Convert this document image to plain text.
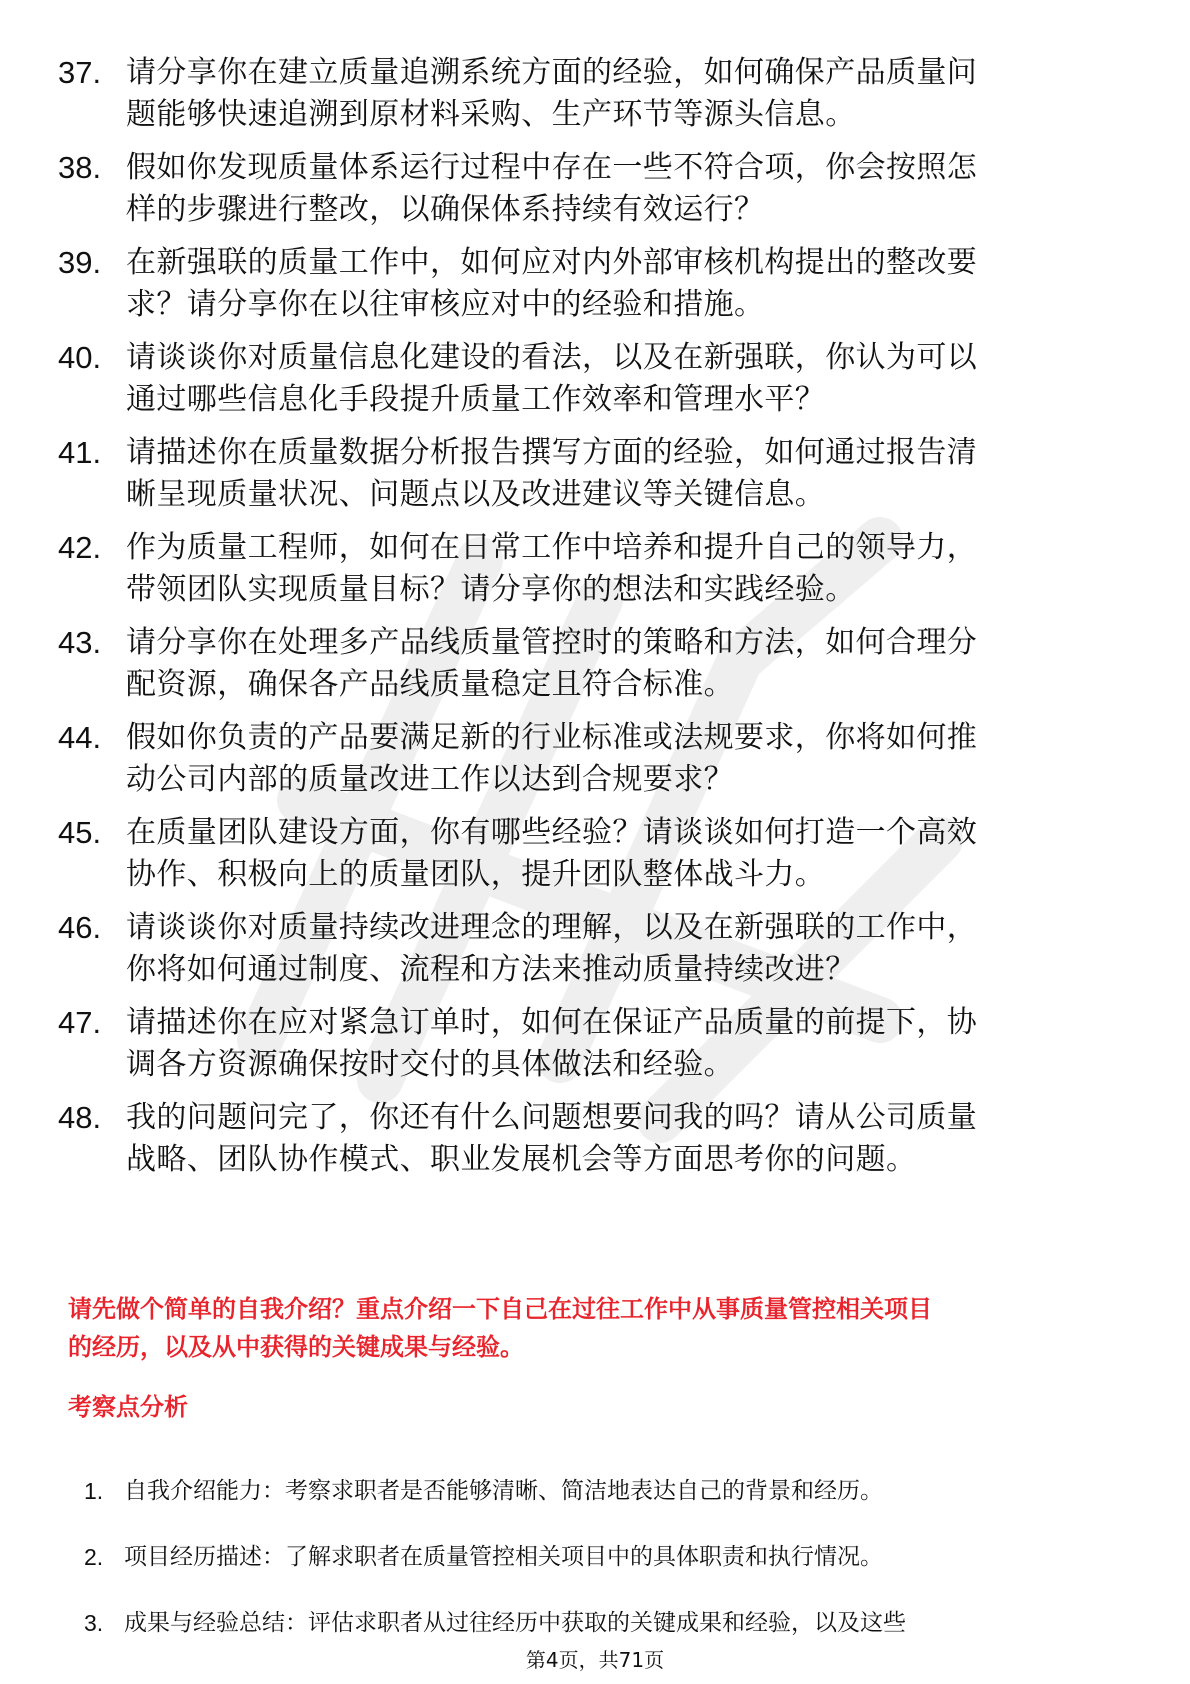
37. 请分享你在建立质量追溯系统方面的经验，如何确保产品质量问
题能够快速追溯到原材料采购、生产环节等源头信息。
38. 假如你发现质量体系运行过程中存在一些不符合项，你会按照怎
样的步骤进行整改，以确保体系持续有效运行？
39. 在新强联的质量工作中，如何应对内外部审核机构提出的整改要
求？请分享你在以往审核应对中的经验和措施。
40. 请谈谈你对质量信息化建设的看法，以及在新强联，你认为可以
通过哪些信息化手段提升质量工作效率和管理水平？
41. 请描述你在质量数据分析报告撰写方面的经验，如何通过报告清
晰呈现质量状况、问题点以及改进建议等关键信息。
42. 作为质量工程师，如何在日常工作中培养和提升自己的领导力，
带领团队实现质量目标？请分享你的想法和实践经验。
43. 请分享你在处理多产品线质量管控时的策略和方法，如何合理分
配资源，确保各产品线质量稳定且符合标准。
44. 假如你负责的产品要满足新的行业标准或法规要求，你将如何推
动公司内部的质量改进工作以达到合规要求？
45. 在质量团队建设方面，你有哪些经验？请谈谈如何打造一个高效
协作、积极向上的质量团队，提升团队整体战斗力。
46. 请谈谈你对质量持续改进理念的理解，以及在新强联的工作中，
你将如何通过制度、流程和方法来推动质量持续改进？
47. 请描述你在应对紧急订单时，如何在保证产品质量的前提下，协
调各方资源确保按时交付的具体做法和经验。
48. 我的问题问完了，你还有什么问题想要问我的吗？请从公司质量
战略、团队协作模式、职业发展机会等方面思考你的问题。
请先做个简单的自我介绍？重点介绍一下自己在过往工作中从事质量管控相关项目
的经历，以及从中获得的关键成果与经验。
考察点分析
1. 自我介绍能力：考察求职者是否能够清晰、简洁地表达自己的背景和经历。
2. 项目经历描述：了解求职者在质量管控相关项目中的具体职责和执行情况。
3. 成果与经验总结：评估求职者从过往经历中获取的关键成果和经验，以及这些
第4页，共71页
